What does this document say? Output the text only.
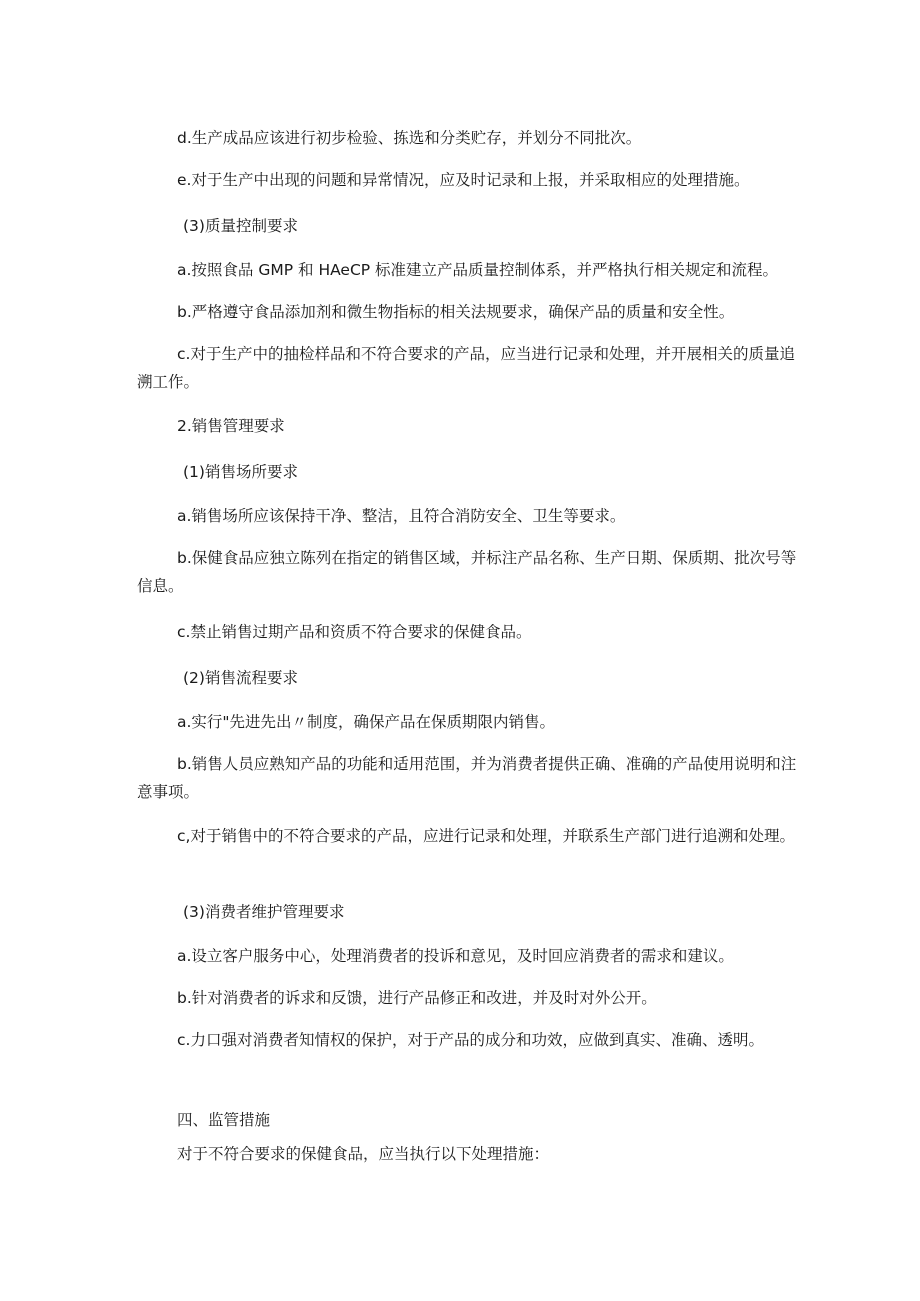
d.生产成品应该进行初步检验、拣选和分类贮存，并划分不同批次。

e.对于生产中出现的问题和异常情况，应及时记录和上报，并采取相应的处理措施。

(3)质量控制要求

a.按照食品 GMP 和 HAeCP 标准建立产品质量控制体系，并严格执行相关规定和流程。

b.严格遵守食品添加剂和微生物指标的相关法规要求，确保产品的质量和安全性。

c.对于生产中的抽检样品和不符合要求的产品，应当进行记录和处理，并开展相关的质量追溯工作。

2.销售管理要求

(1)销售场所要求

a.销售场所应该保持干净、整洁，且符合消防安全、卫生等要求。

b.保健食品应独立陈列在指定的销售区域，并标注产品名称、生产日期、保质期、批次号等信息。

c.禁止销售过期产品和资质不符合要求的保健食品。

(2)销售流程要求

a.实行"先进先出〃制度，确保产品在保质期限内销售。

b.销售人员应熟知产品的功能和适用范围，并为消费者提供正确、准确的产品使用说明和注意事项。

c,对于销售中的不符合要求的产品，应进行记录和处理，并联系生产部门进行追溯和处理。

(3)消费者维护管理要求

a.设立客户服务中心，处理消费者的投诉和意见，及时回应消费者的需求和建议。

b.针对消费者的诉求和反馈，进行产品修正和改进，并及时对外公开。

c.力口强对消费者知情权的保护，对于产品的成分和功效，应做到真实、准确、透明。

四、监管措施

对于不符合要求的保健食品，应当执行以下处理措施：
